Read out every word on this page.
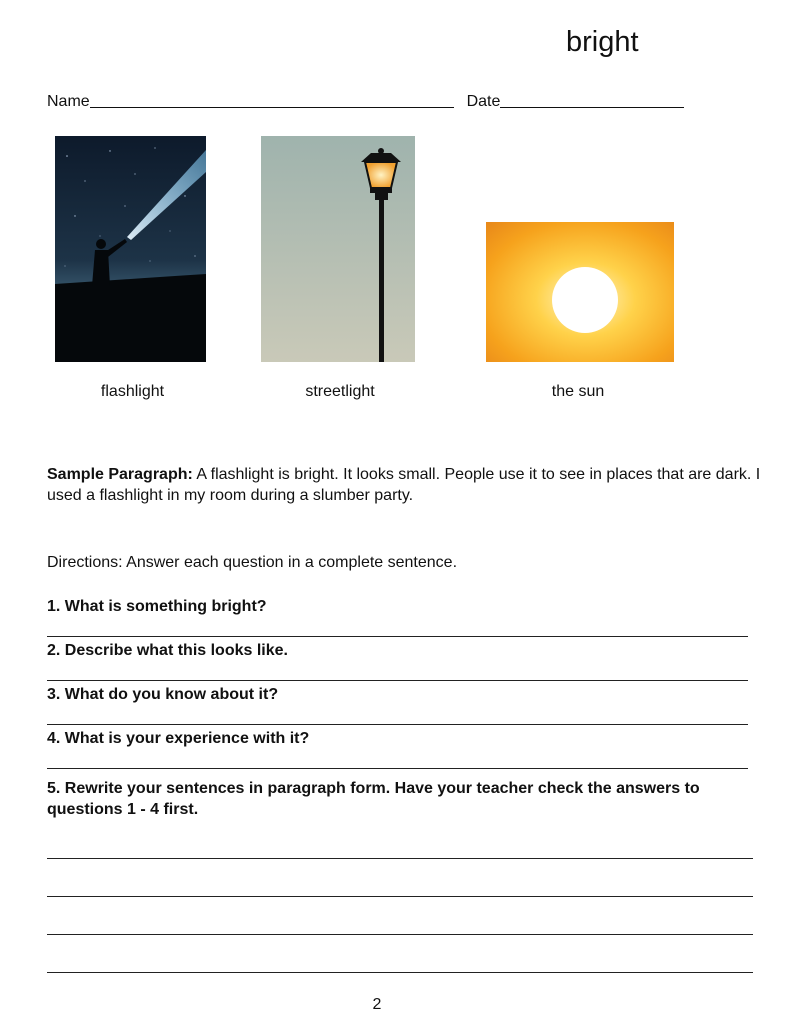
bright
Name	Date
flashlight	streetlight	the sun
Sample Paragraph: A flashlight is bright. It looks small. People use it to see in places that are dark. I used a flashlight in my room during a slumber party.
Directions: Answer each question in a complete sentence.
1. What is something bright?
2. Describe what this looks like.
3. What do you know about it?
4. What is your experience with it?
5. Rewrite your sentences in paragraph form. Have your teacher check the answers to questions 1 - 4 first.
2
